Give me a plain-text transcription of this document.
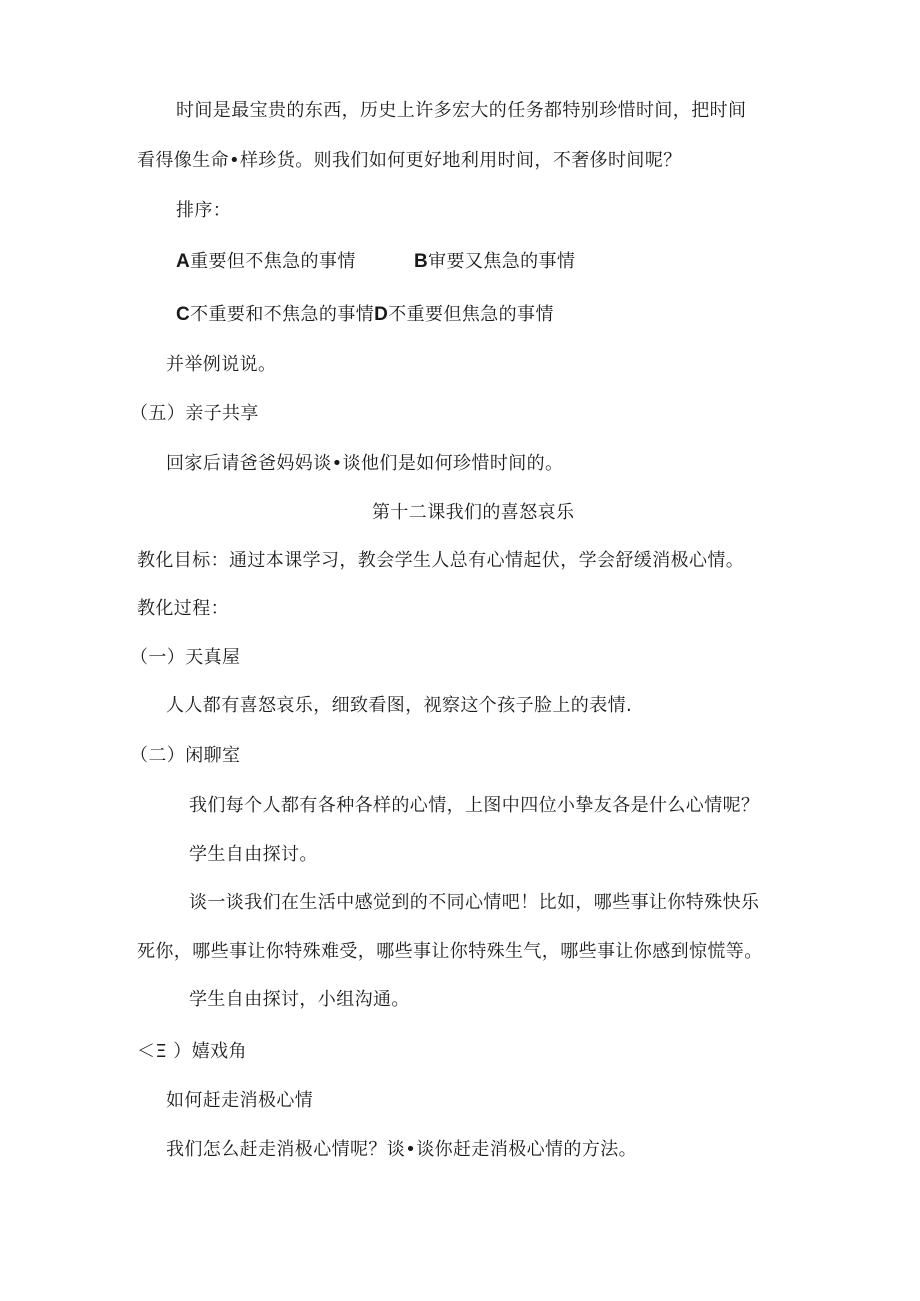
时间是最宝贵的东西，历史上许多宏大的任务都特别珍惜时间，把时间
看得像生命•样珍货。则我们如何更好地利用时间，不奢侈时间呢？
排序：
A重要但不焦急的事情	B审要又焦急的事情
C不重要和不焦急的事情D不重要但焦急的事情
并举例说说。
（五）亲子共享
回家后请爸爸妈妈谈•谈他们是如何珍惜时间的。
第十二课我们的喜怒哀乐
教化目标：通过本课学习，教会学生人总有心情起伏，学会舒缓消极心情。
教化过程：
（一）天真屋
人人都有喜怒哀乐，细致看图，视察这个孩子脸上的表情.
（二）闲聊室
我们每个人都有各种各样的心情，上图中四位小挚友各是什么心情呢？
学生自由探讨。
谈一谈我们在生活中感觉到的不同心情吧！比如，哪些事让你特殊快乐
死你，哪些事让你特殊难受，哪些事让你特殊生气，哪些事让你感到惊慌等。
学生自由探讨，小组沟通。
＜Ξ ）嬉戏角
如何赶走消极心情
我们怎么赶走消极心情呢？谈•谈你赶走消极心情的方法。
